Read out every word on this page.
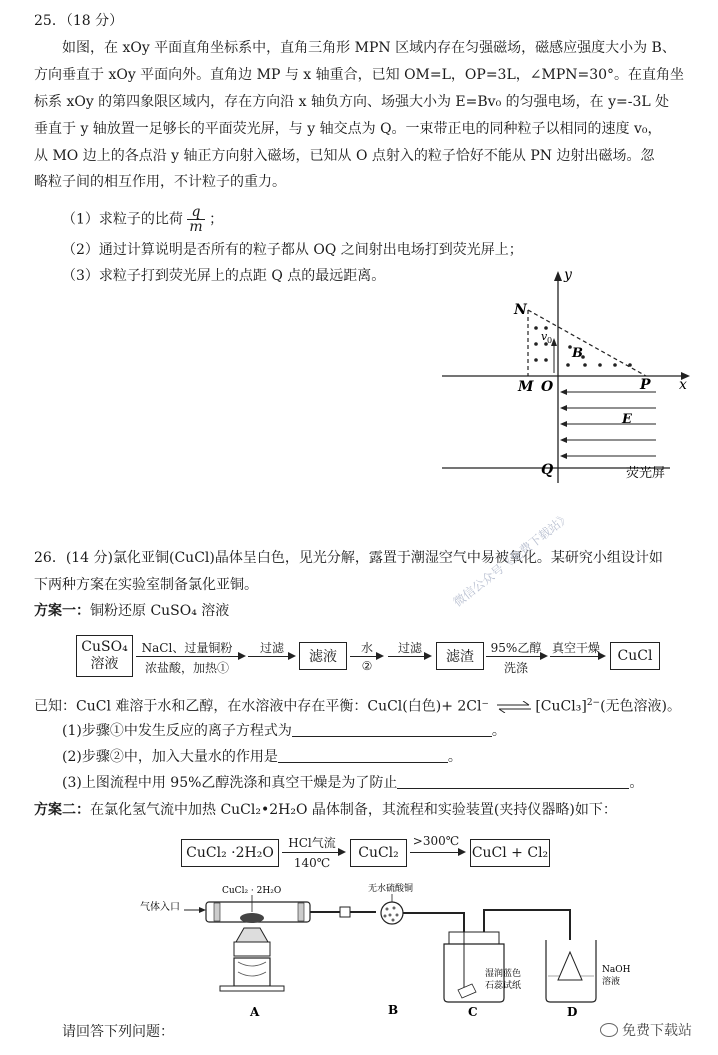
25．（18 分）
如图，在 xOy 平面直角坐标系中，直角三角形 MPN 区域内存在匀强磁场，磁感应强度大小为 B、
方向垂直于 xOy 平面向外。直角边 MP 与 x 轴重合，已知 OM=L，OP=3L，∠MPN=30°。在直角坐
标系 xOy 的第四象限区域内，存在方向沿 x 轴负方向、场强大小为 E=Bv₀ 的匀强电场，在 y=-3L 处
垂直于 y 轴放置一足够长的平面荧光屏，与 y 轴交点为 Q。一束带正电的同种粒子以相同的速度 v₀，
从 MO 边上的各点沿 y 轴正方向射入磁场，已知从 O 点射入的粒子恰好不能从 PN 边射出磁场。忽
略粒子间的相互作用，不计粒子的重力。
（1）求粒子的比荷 $\frac{q}{m}$ ；
（2）通过计算说明是否所有的粒子都从 OQ 之间射出电场打到荧光屏上；
（3）求粒子打到荧光屏上的点距 Q 点的最远距离。	y
x
N
M O	P
Q
B
E
v 0
荧光屏
26．(14 分)氯化亚铜(CuCl)晶体呈白色，见光分解，露置于潮湿空气中易被氧化。某研究小组设计如
下两种方案在实验室制备氯化亚铜。
方案一：铜粉还原 CuSO₄ 溶液
CuSO₄
溶液
NaCl、过量铜粉
浓盐酸，加热①
过滤
滤液
水
②
过滤
滤渣
95%乙醇
洗涤
真空干燥	CuCl
已知：CuCl 难溶于水和乙醇，在水溶液中存在平衡：CuCl(白色)+ 2Cl⁻ ⇌ [CuCl₃]$^{2-}$(无色溶液)。
(1)步骤①中发生反应的离子方程式为	。
(2)步骤②中，加入大量水的作用是	。
(3)上图流程中用 95%乙醇洗涤和真空干燥是为了防止	。
方案二：在氯化氢气流中加热 CuCl₂•2H₂O 晶体制备，其流程和实验装置(夹持仪器略)如下：
CuCl₂ ·2H₂O
HCl气流
140℃
CuCl₂
>300℃
CuCl + Cl₂
气体入口
CuCl₂ · 2H₂O
A
无水硫酸铜
B
湿润蓝色
石蕊试纸
C
NaOH
溶液
D
微信公众号《免费下载站》
请回答下列问题：	免费下载站
